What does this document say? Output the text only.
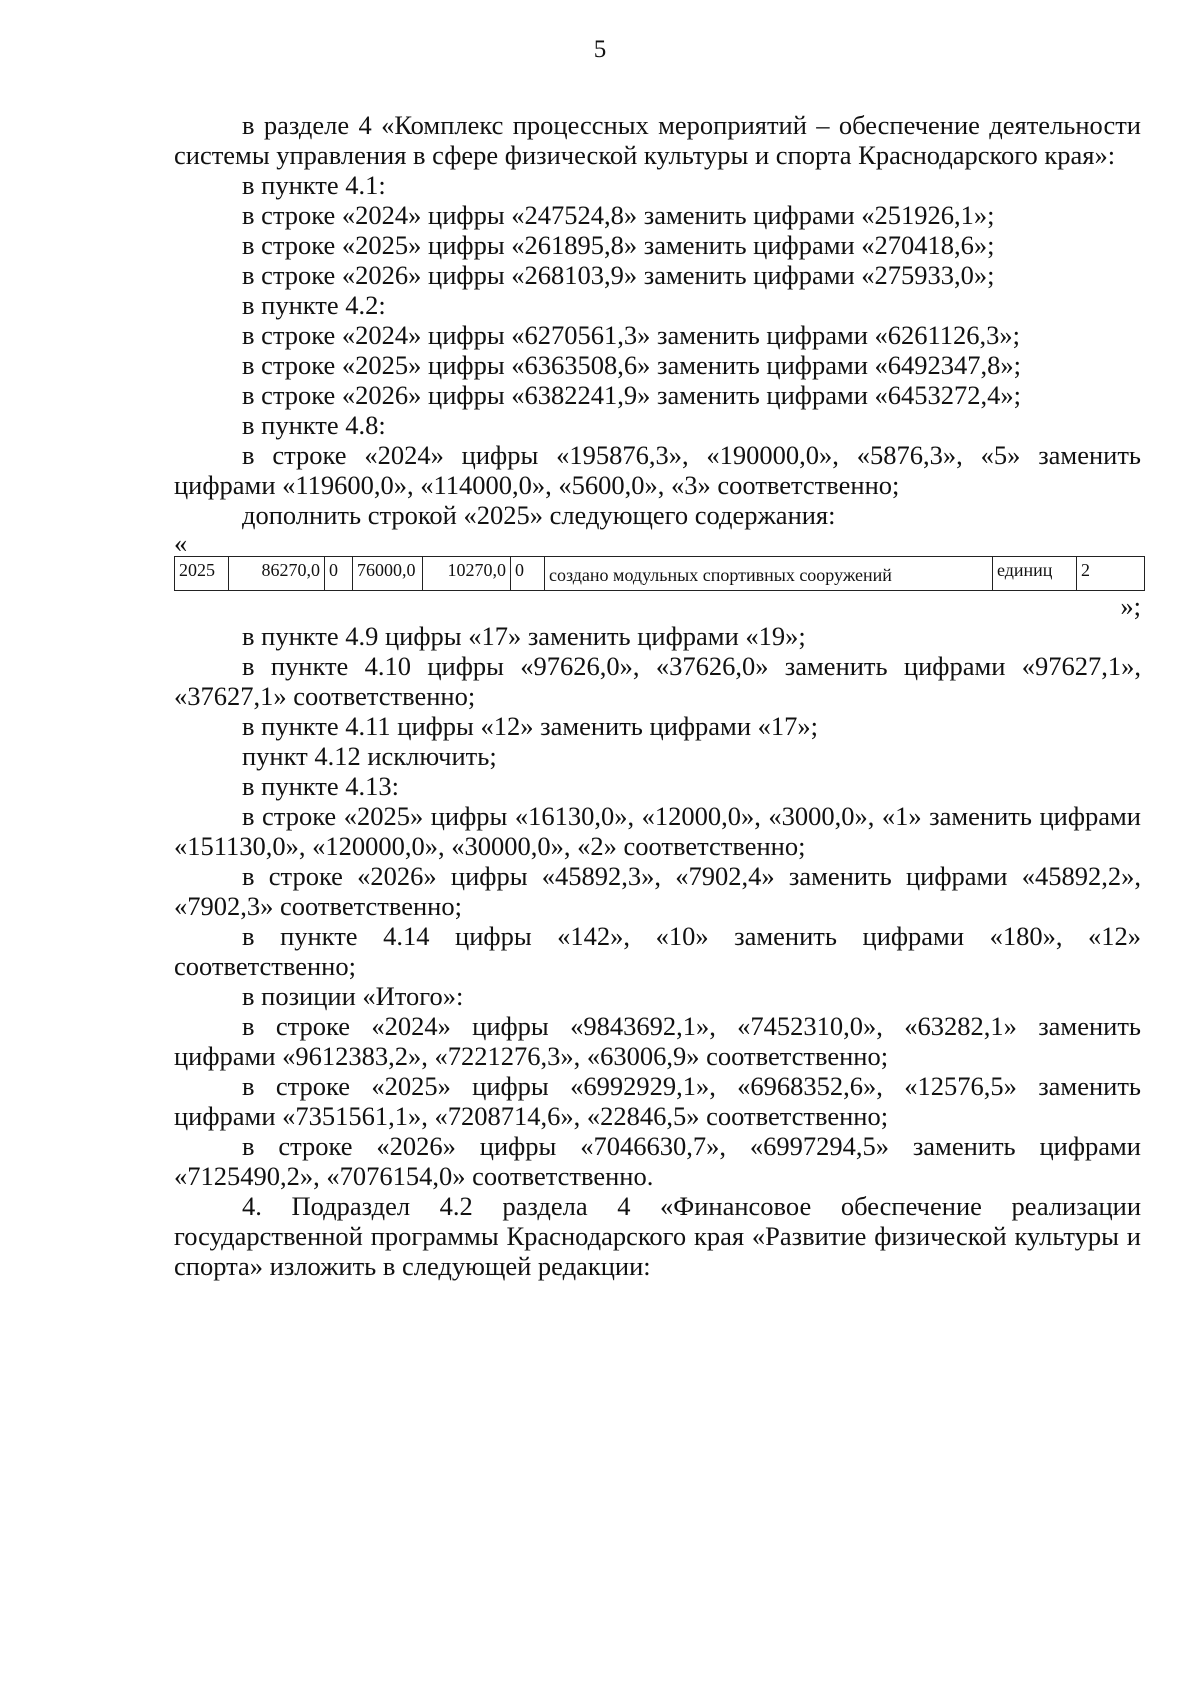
5

в разделе 4 «Комплекс процессных мероприятий – обеспечение деятельности системы управления в сфере физической культуры и спорта Краснодарского края»:

в пункте 4.1:

в строке «2024» цифры «247524,8» заменить цифрами «251926,1»;

в строке «2025» цифры «261895,8» заменить цифрами «270418,6»;

в строке «2026» цифры «268103,9» заменить цифрами «275933,0»;

в пункте 4.2:

в строке «2024» цифры «6270561,3» заменить цифрами «6261126,3»;

в строке «2025» цифры «6363508,6» заменить цифрами «6492347,8»;

в строке «2026» цифры «6382241,9» заменить цифрами «6453272,4»;

в пункте 4.8:

в строке «2024» цифры «195876,3», «190000,0», «5876,3», «5» заменить цифрами «119600,0», «114000,0», «5600,0», «3» соответственно;

дополнить строкой «2025» следующего содержания:

«

2025	86270,0	0	76000,0	10270,0	0	создано модульных спортивных сооружений	единиц	2

»;

в пункте 4.9 цифры «17» заменить цифрами «19»;

в пункте 4.10 цифры «97626,0», «37626,0» заменить цифрами «97627,1», «37627,1» соответственно;

в пункте 4.11 цифры «12» заменить цифрами «17»;

пункт 4.12 исключить;

в пункте 4.13:

в строке «2025» цифры «16130,0», «12000,0», «3000,0», «1» заменить цифрами «151130,0», «120000,0», «30000,0», «2» соответственно;

в строке «2026» цифры «45892,3», «7902,4» заменить цифрами «45892,2», «7902,3» соответственно;

в пункте 4.14 цифры «142», «10» заменить цифрами «180», «12» соответственно;

в позиции «Итого»:

в строке «2024» цифры «9843692,1», «7452310,0», «63282,1» заменить цифрами «9612383,2», «7221276,3», «63006,9» соответственно;

в строке «2025» цифры «6992929,1», «6968352,6», «12576,5» заменить цифрами «7351561,1», «7208714,6», «22846,5» соответственно;

в строке «2026» цифры «7046630,7», «6997294,5» заменить цифрами «7125490,2», «7076154,0» соответственно.

4. Подраздел 4.2 раздела 4 «Финансовое обеспечение реализации государственной программы Краснодарского края «Развитие физической культуры и спорта» изложить в следующей редакции:
